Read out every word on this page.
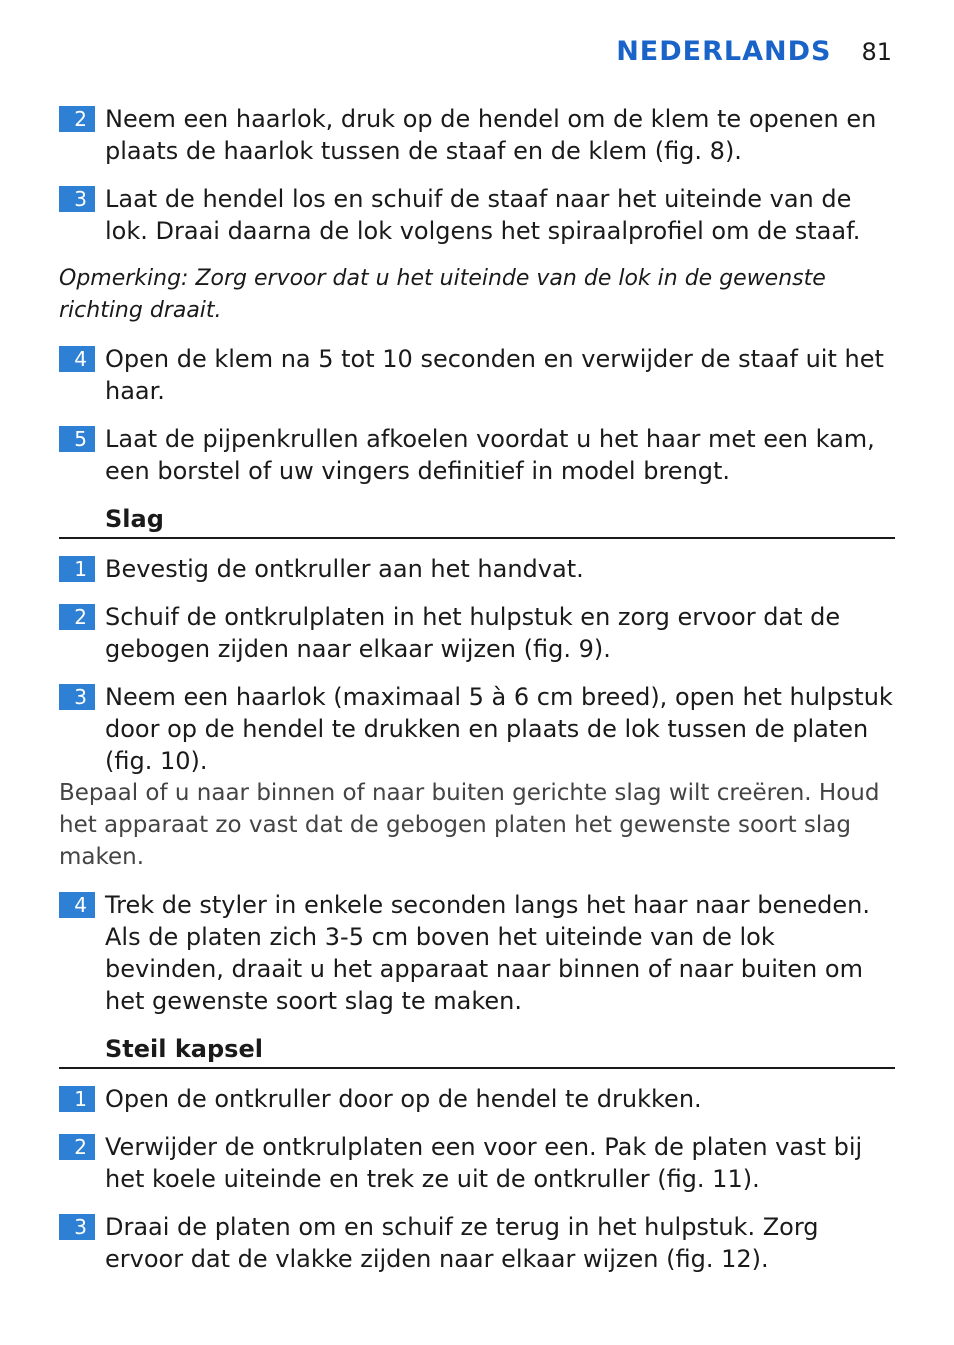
NEDERLANDS 81
2 Neem een haarlok, druk op de hendel om de klem te openen en plaats de haarlok tussen de staaf en de klem (fig. 8).
3 Laat de hendel los en schuif de staaf naar het uiteinde van de lok. Draai daarna de lok volgens het spiraalprofiel om de staaf.
Opmerking: Zorg ervoor dat u het uiteinde van de lok in de gewenste richting draait.
4 Open de klem na 5 tot 10 seconden en verwijder de staaf uit het haar.
5 Laat de pijpenkrullen afkoelen voordat u het haar met een kam, een borstel of uw vingers definitief in model brengt.
Slag
1 Bevestig de ontkruller aan het handvat.
2 Schuif de ontkrulplaten in het hulpstuk en zorg ervoor dat de gebogen zijden naar elkaar wijzen (fig. 9).
3 Neem een haarlok (maximaal 5 à 6 cm breed), open het hulpstuk door op de hendel te drukken en plaats de lok tussen de platen (fig. 10).
Bepaal of u naar binnen of naar buiten gerichte slag wilt creëren. Houd het apparaat zo vast dat de gebogen platen het gewenste soort slag maken.
4 Trek de styler in enkele seconden langs het haar naar beneden. Als de platen zich 3-5 cm boven het uiteinde van de lok bevinden, draait u het apparaat naar binnen of naar buiten om het gewenste soort slag te maken.
Steil kapsel
1 Open de ontkruller door op de hendel te drukken.
2 Verwijder de ontkrulplaten een voor een. Pak de platen vast bij het koele uiteinde en trek ze uit de ontkruller (fig. 11).
3 Draai de platen om en schuif ze terug in het hulpstuk. Zorg ervoor dat de vlakke zijden naar elkaar wijzen (fig. 12).
